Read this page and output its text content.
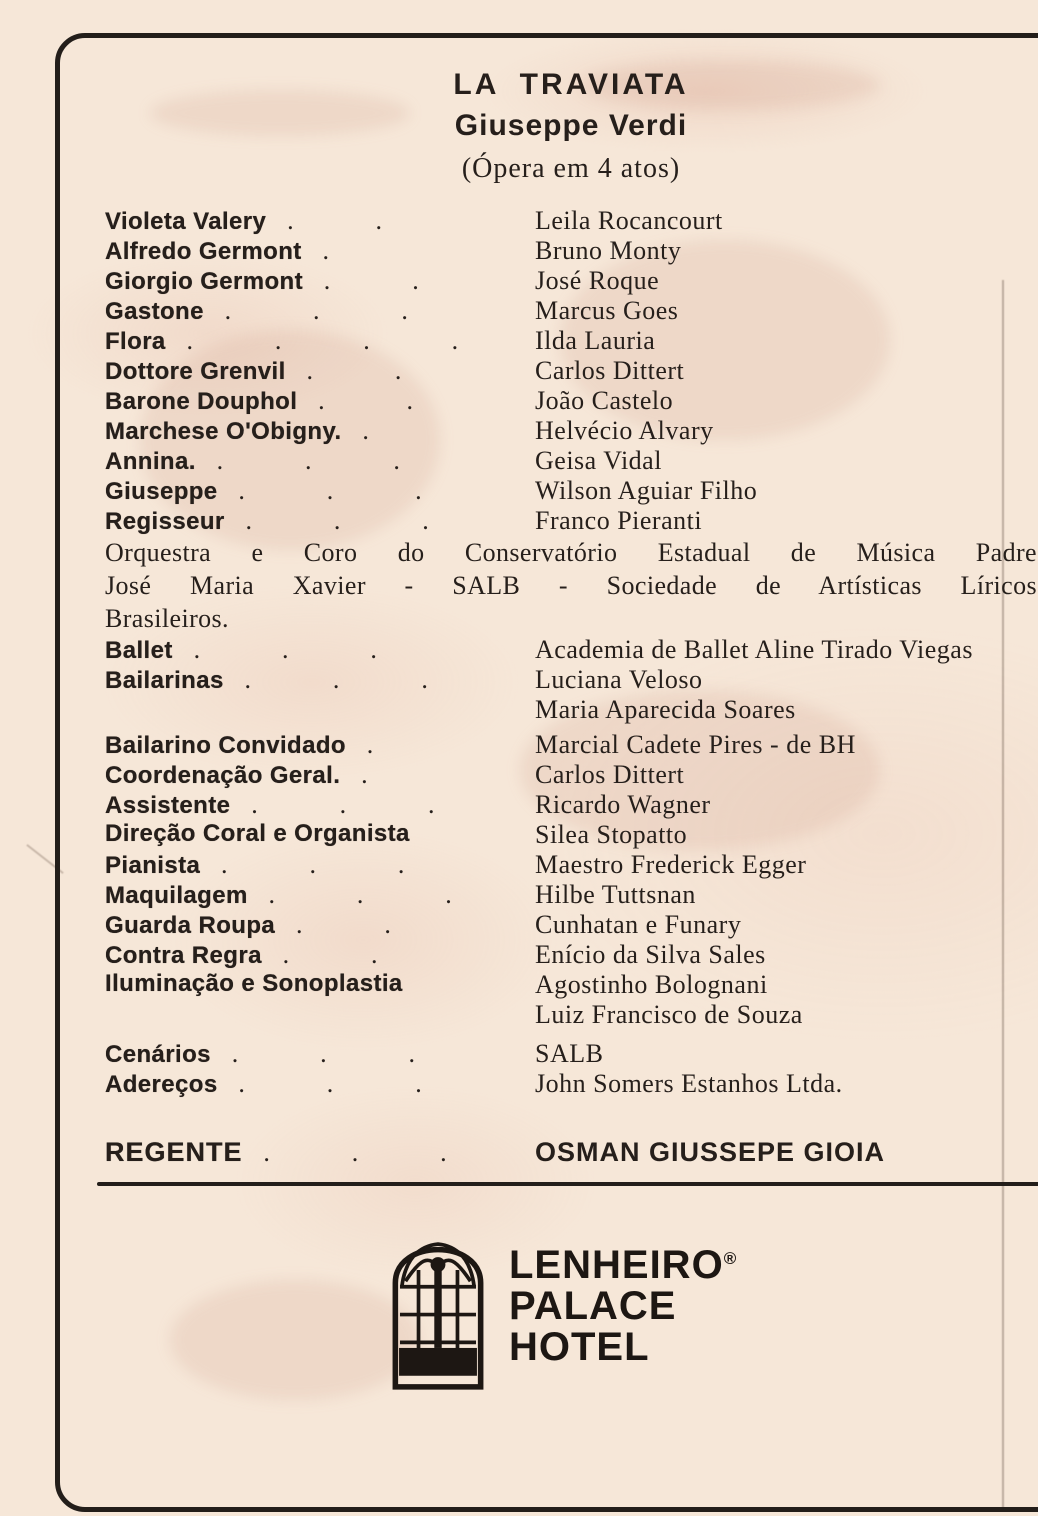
LA TRAVIATA
Giuseppe Verdi
(Ópera em 4 atos)
Violeta Valery . .	Leila Rocancourt
Alfredo Germont .	Bruno Monty
Giorgio Germont . .	José Roque
Gastone . . .	Marcus Goes
Flora . . . .	Ilda Lauria
Dottore Grenvil . .	Carlos Dittert
Barone Douphol . .	João Castelo
Marchese O'Obigny. .	Helvécio Alvary
Annina. . . .	Geisa Vidal
Giuseppe . . .	Wilson Aguiar Filho
Regisseur . . .	Franco Pieranti
Orquestra e Coro do Conservatório Estadual de Música Padre
José Maria Xavier - SALB - Sociedade de Artísticas Líricos
Brasileiros.
Ballet . . .	Academia de Ballet Aline Tirado Viegas
Bailarinas . . .	Luciana Veloso
Maria Aparecida Soares
Bailarino Convidado .	Marcial Cadete Pires - de BH
Coordenação Geral. .	Carlos Dittert
Assistente . . .	Ricardo Wagner
Direção Coral e Organista	Silea Stopatto
Pianista . . .	Maestro Frederick Egger
Maquilagem . . .	Hilbe Tuttsnan
Guarda Roupa . .	Cunhatan e Funary
Contra Regra . .	Enício da Silva Sales
Iluminação e Sonoplastia	Agostinho Bolognani
Luiz Francisco de Souza
Cenários . . .	SALB
Adereços . . .	John Somers Estanhos Ltda.
REGENTE . . .	OSMAN GIUSSEPE GIOIA
LENHEIRO®
PALACE
HOTEL
